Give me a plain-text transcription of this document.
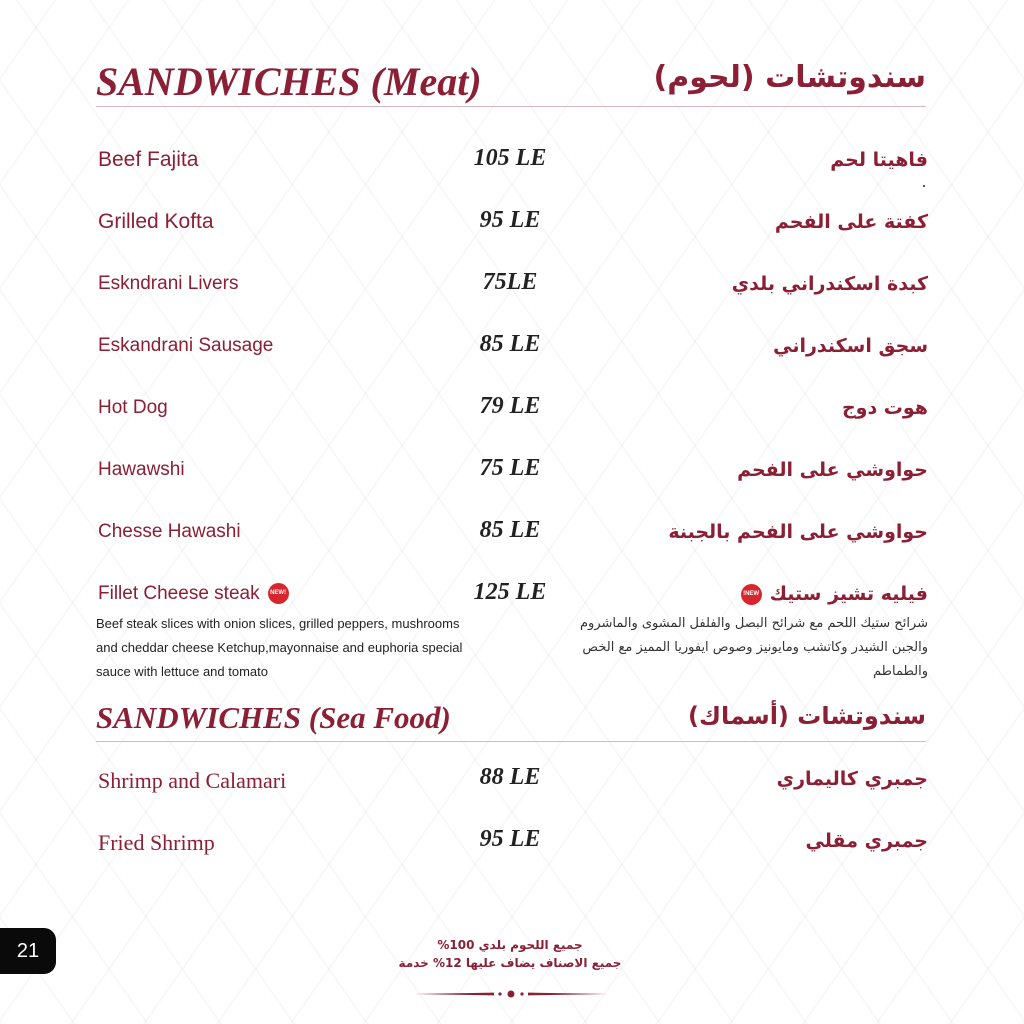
SANDWICHES (Meat)	سندوتشات (لحوم)
Beef Fajita	105 LE	فاهيتا لحم
Grilled Kofta	95 LE	كفتة على الفحم
Eskndrani Livers	75LE	كبدة اسكندراني بلدي
Eskandrani Sausage	85 LE	سجق اسكندراني
Hot Dog	79 LE	هوت دوج
Hawawshi	75 LE	حواوشي على الفحم
Chesse Hawashi	85 LE	حواوشي على الفحم بالجبنة
Fillet Cheese steak NEW!	125 LE	فيليه تشيز ستيكNEW!
Beef steak slices with onion slices, grilled peppers, mushrooms and cheddar cheese Ketchup,mayonnaise and euphoria special sauce with lettuce and tomato
شرائح ستيك اللحم مع شرائح البصل والفلفل المشوى والماشروم والجبن الشيدر وكاتشب ومايونيز وصوص ايفوريا المميز مع الخص والطماطم
SANDWICHES (Sea Food)	سندوتشات (أسماك)
Shrimp and Calamari	88 LE	جمبري كاليماري
Fried Shrimp	95 LE	جمبري مقلي
21	جميع اللحوم بلدي 100%
جميع الاصناف يضاف عليها 12% خدمة
